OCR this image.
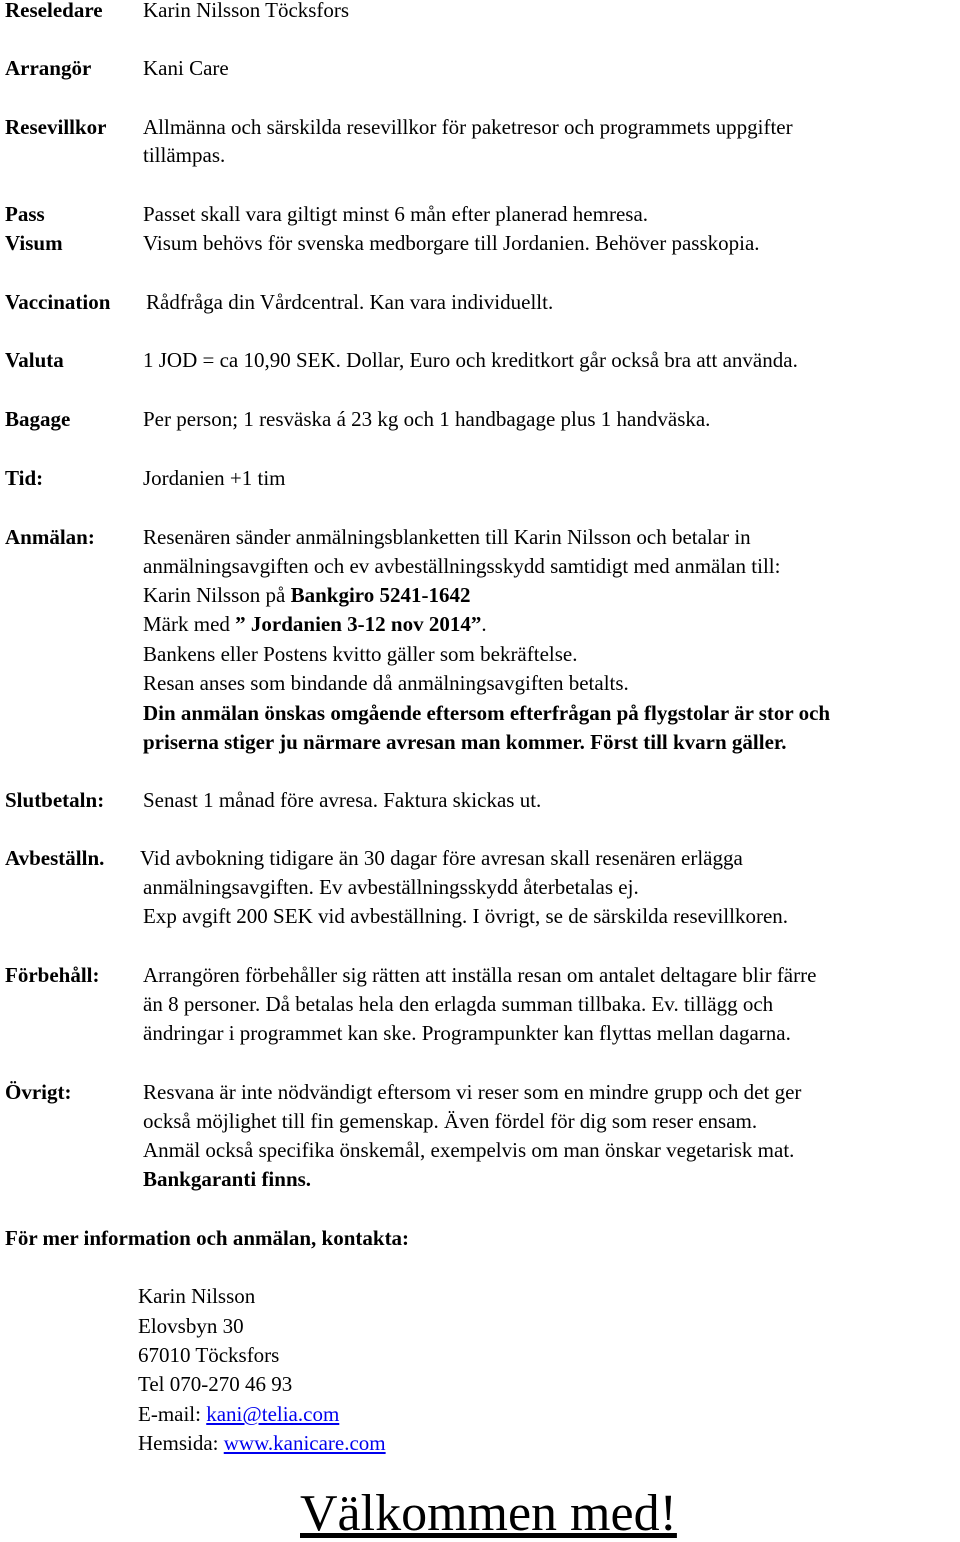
Reseledare Karin Nilsson Töcksfors
Arrangör Kani Care
Resevillkor Allmänna och särskilda resevillkor för paketresor och programmets uppgifter
tillämpas.
Pass	Passet skall vara giltigt minst 6 mån efter planerad hemresa.
Visum	Visum behövs för svenska medborgare till Jordanien. Behöver passkopia.
Vaccination Rådfråga din Vårdcentral. Kan vara individuellt.
Valuta	1 JOD = ca 10,90 SEK. Dollar, Euro och kreditkort går också bra att använda.
Bagage	Per person; 1 resväska á 23 kg och 1 handbagage plus 1 handväska.
Tid:	Jordanien +1 tim
Anmälan: Resenären sänder anmälningsblanketten till Karin Nilsson och betalar in
anmälningsavgiften och ev avbeställningsskydd samtidigt med anmälan till:
Karin Nilsson på Bankgiro 5241-1642
Märk med ” Jordanien 3-12 nov 2014”.
Bankens eller Postens kvitto gäller som bekräftelse.
Resan anses som bindande då anmälningsavgiften betalts.
Din anmälan önskas omgående eftersom efterfrågan på flygstolar är stor och
priserna stiger ju närmare avresan man kommer. Först till kvarn gäller.
Slutbetaln: Senast 1 månad före avresa. Faktura skickas ut.
Avbeställn. Vid avbokning tidigare än 30 dagar före avresan skall resenären erlägga
anmälningsavgiften. Ev avbeställningsskydd återbetalas ej.
Exp avgift 200 SEK vid avbeställning. I övrigt, se de särskilda resevillkoren.
Förbehåll: Arrangören förbehåller sig rätten att inställa resan om antalet deltagare blir färre
än 8 personer. Då betalas hela den erlagda summan tillbaka. Ev. tillägg och
ändringar i programmet kan ske. Programpunkter kan flyttas mellan dagarna.
Övrigt:	Resvana är inte nödvändigt eftersom vi reser som en mindre grupp och det ger
också möjlighet till fin gemenskap. Även fördel för dig som reser ensam.
Anmäl också specifika önskemål, exempelvis om man önskar vegetarisk mat.
Bankgaranti finns.
För mer information och anmälan, kontakta:
Karin Nilsson
Elovsbyn 30
67010 Töcksfors
Tel 070-270 46 93
E-mail: kani@telia.com
Hemsida: www.kanicare.com
Välkommen med!
